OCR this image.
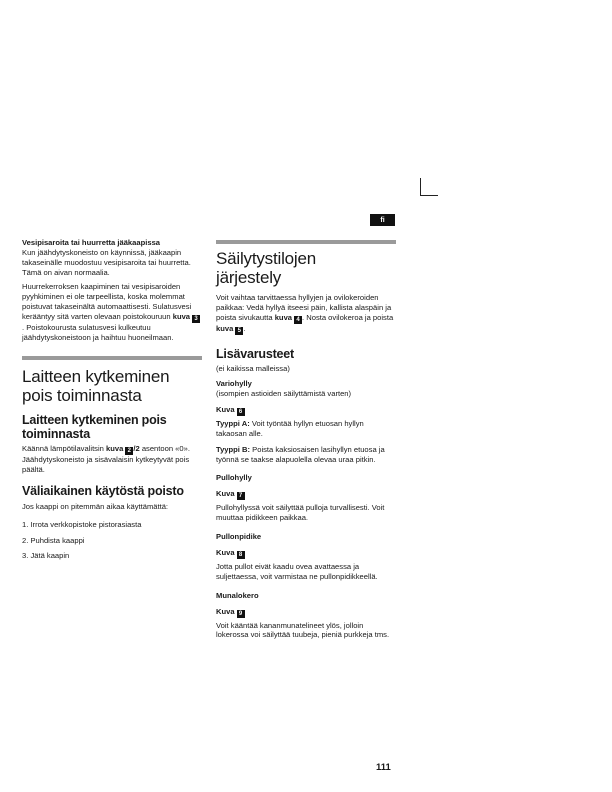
fi

Vesipisaroita tai huurretta jääkaapissa

Kun jäähdytyskoneisto on käynnissä, jääkaapin takaseinälle muodostuu vesipisaroita tai huurretta. Tämä on aivan normaalia.

Huurrekerroksen kaapiminen tai vesipisaroiden pyyhkiminen ei ole tarpeellista, koska molemmat poistuvat takaseinältä automaattisesti. Sulatusvesi kerääntyy sitä varten olevaan poistokouruun kuva 3. Poistokourusta sulatusvesi kulkeutuu jäähdytyskoneistoon ja haihtuu huoneilmaan.

Laitteen kytkeminen pois toiminnasta
Laitteen kytkeminen pois toiminnasta

Käännä lämpötilavalitsin kuva 2 /2 asentoon «0». Jäähdytyskoneisto ja sisävalaisin kytkeytyvät pois päältä.

Väliaikainen käytöstä poisto

Jos kaappi on pitemmän aikaa käyttämättä:

1. Irrota verkkopistoke pistorasiasta

2. Puhdista kaappi

3. Jätä kaapin

Säilytystilojen järjestely

Voit vaihtaa tarvittaessa hyllyjen ja ovilokeroiden paikkaa: Vedä hyllyä itseesi päin, kallista alaspäin ja poista sivukautta kuva 4 . Nosta ovilokeroa ja poista kuva 5 .

Lisävarusteet

(ei kaikissa malleissa)

Variohylly

(isompien astioiden säilyttämistä varten)

Kuva 6

Tyyppi A: Voit työntää hyllyn etuosan hyllyn takaosan alle.

Tyyppi B: Poista kaksiosaisen lasihyllyn etuosa ja työnnä se taakse alapuolella olevaa uraa pitkin.

Pullohylly

Kuva 7

Pullohyllyssä voit säilyttää pulloja turvallisesti. Voit muuttaa pidikkeen paikkaa.

Pullonpidike

Kuva 8

Jotta pullot eivät kaadu ovea avattaessa ja suljettaessa, voit varmistaa ne pullonpidikkeellä.

Munalokero

Kuva 9

Voit kääntää kananmunatelineet ylös, jolloin lokerossa voi säilyttää tuubeja, pieniä purkkeja tms.

111
